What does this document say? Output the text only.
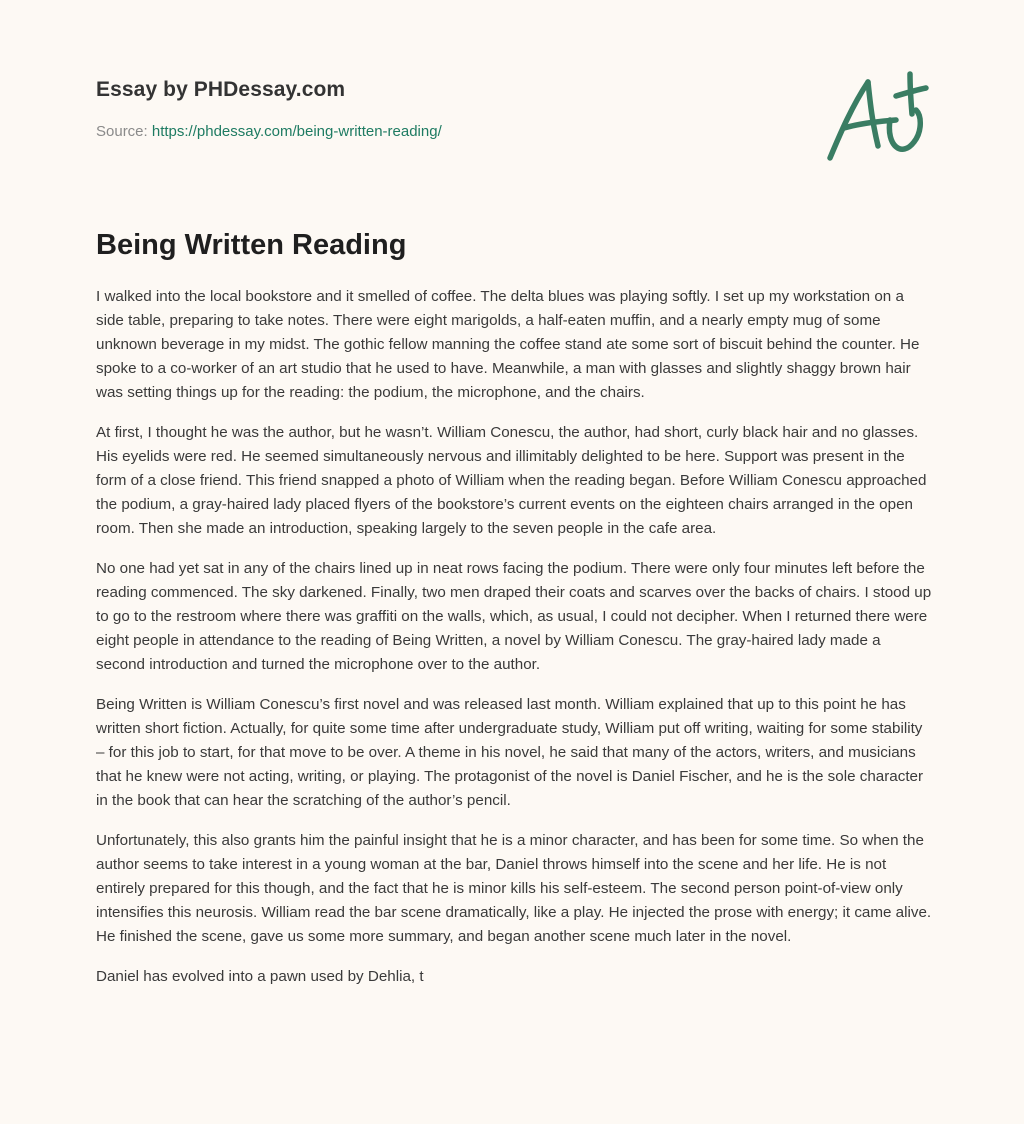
Essay by PHDessay.com
Source: https://phdessay.com/being-written-reading/
Being Written Reading

I walked into the local bookstore and it smelled of coffee. The delta blues was playing softly. I set up my workstation on a side table, preparing to take notes. There were eight marigolds, a half-eaten muffin, and a nearly empty mug of some unknown beverage in my midst. The gothic fellow manning the coffee stand ate some sort of biscuit behind the counter. He spoke to a co-worker of an art studio that he used to have. Meanwhile, a man with glasses and slightly shaggy brown hair was setting things up for the reading: the podium, the microphone, and the chairs.

At first, I thought he was the author, but he wasn’t. William Conescu, the author, had short, curly black hair and no glasses. His eyelids were red. He seemed simultaneously nervous and illimitably delighted to be here. Support was present in the form of a close friend. This friend snapped a photo of William when the reading began. Before William Conescu approached the podium, a gray-haired lady placed flyers of the bookstore’s current events on the eighteen chairs arranged in the open room. Then she made an introduction, speaking largely to the seven people in the cafe area.

No one had yet sat in any of the chairs lined up in neat rows facing the podium. There were only four minutes left before the reading commenced. The sky darkened. Finally, two men draped their coats and scarves over the backs of chairs. I stood up to go to the restroom where there was graffiti on the walls, which, as usual, I could not decipher. When I returned there were eight people in attendance to the reading of Being Written, a novel by William Conescu. The gray-haired lady made a second introduction and turned the microphone over to the author.

Being Written is William Conescu’s first novel and was released last month. William explained that up to this point he has written short fiction. Actually, for quite some time after undergraduate study, William put off writing, waiting for some stability – for this job to start, for that move to be over. A theme in his novel, he said that many of the actors, writers, and musicians that he knew were not acting, writing, or playing. The protagonist of the novel is Daniel Fischer, and he is the sole character in the book that can hear the scratching of the author’s pencil.

Unfortunately, this also grants him the painful insight that he is a minor character, and has been for some time. So when the author seems to take interest in a young woman at the bar, Daniel throws himself into the scene and her life. He is not entirely prepared for this though, and the fact that he is minor kills his self-esteem. The second person point-of-view only intensifies this neurosis. William read the bar scene dramatically, like a play. He injected the prose with energy; it came alive. He finished the scene, gave us some more summary, and began another scene much later in the novel.

Daniel has evolved into a pawn used by Dehlia, t
